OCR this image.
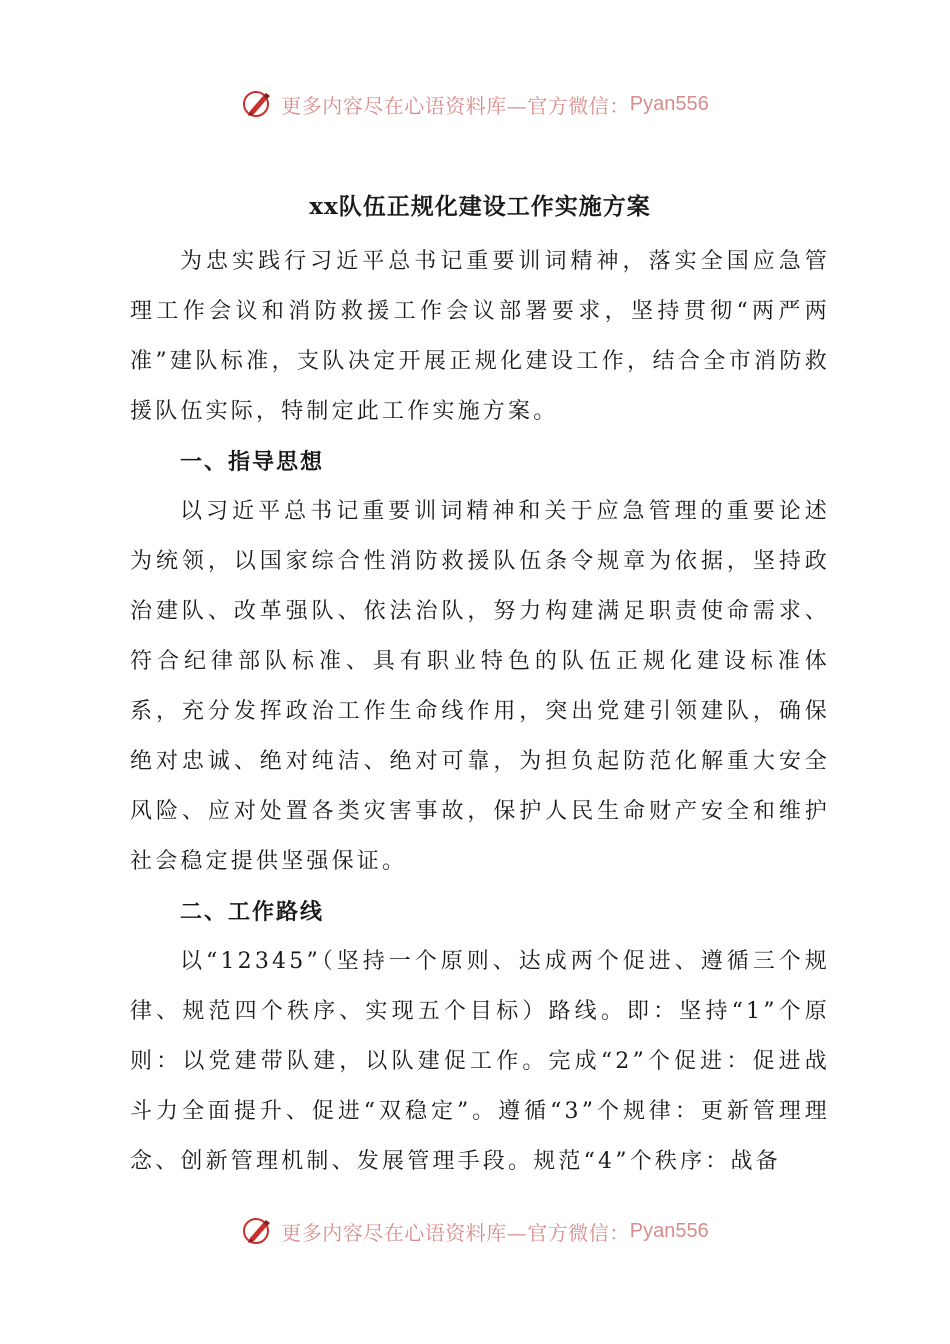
更多内容尽在心语资料库—官方微信： Pyan556
xx队伍正规化建设工作实施方案

为忠实践行习近平总书记重要训词精神，落实全国应急管理工作会议和消防救援工作会议部署要求，坚持贯彻“两严两准”建队标准，支队决定开展正规化建设工作，结合全市消防救援队伍实际，特制定此工作实施方案。

一、指导思想

以习近平总书记重要训词精神和关于应急管理的重要论述为统领，以国家综合性消防救援队伍条令规章为依据，坚持政治建队、改革强队、依法治队，努力构建满足职责使命需求、符合纪律部队标准、具有职业特色的队伍正规化建设标准体系，充分发挥政治工作生命线作用，突出党建引领建队，确保绝对忠诚、绝对纯洁、绝对可靠，为担负起防范化解重大安全风险、应对处置各类灾害事故，保护人民生命财产安全和维护社会稳定提供坚强保证。

二、工作路线

以“12345”（坚持一个原则、达成两个促进、遵循三个规律、规范四个秩序、实现五个目标）路线。即：坚持“1”个原则：以党建带队建，以队建促工作。完成“2”个促进：促进战斗力全面提升、促进“双稳定”。遵循“3”个规律：更新管理理念、创新管理机制、发展管理手段。规范“4”个秩序：战备

更多内容尽在心语资料库—官方微信： Pyan556
